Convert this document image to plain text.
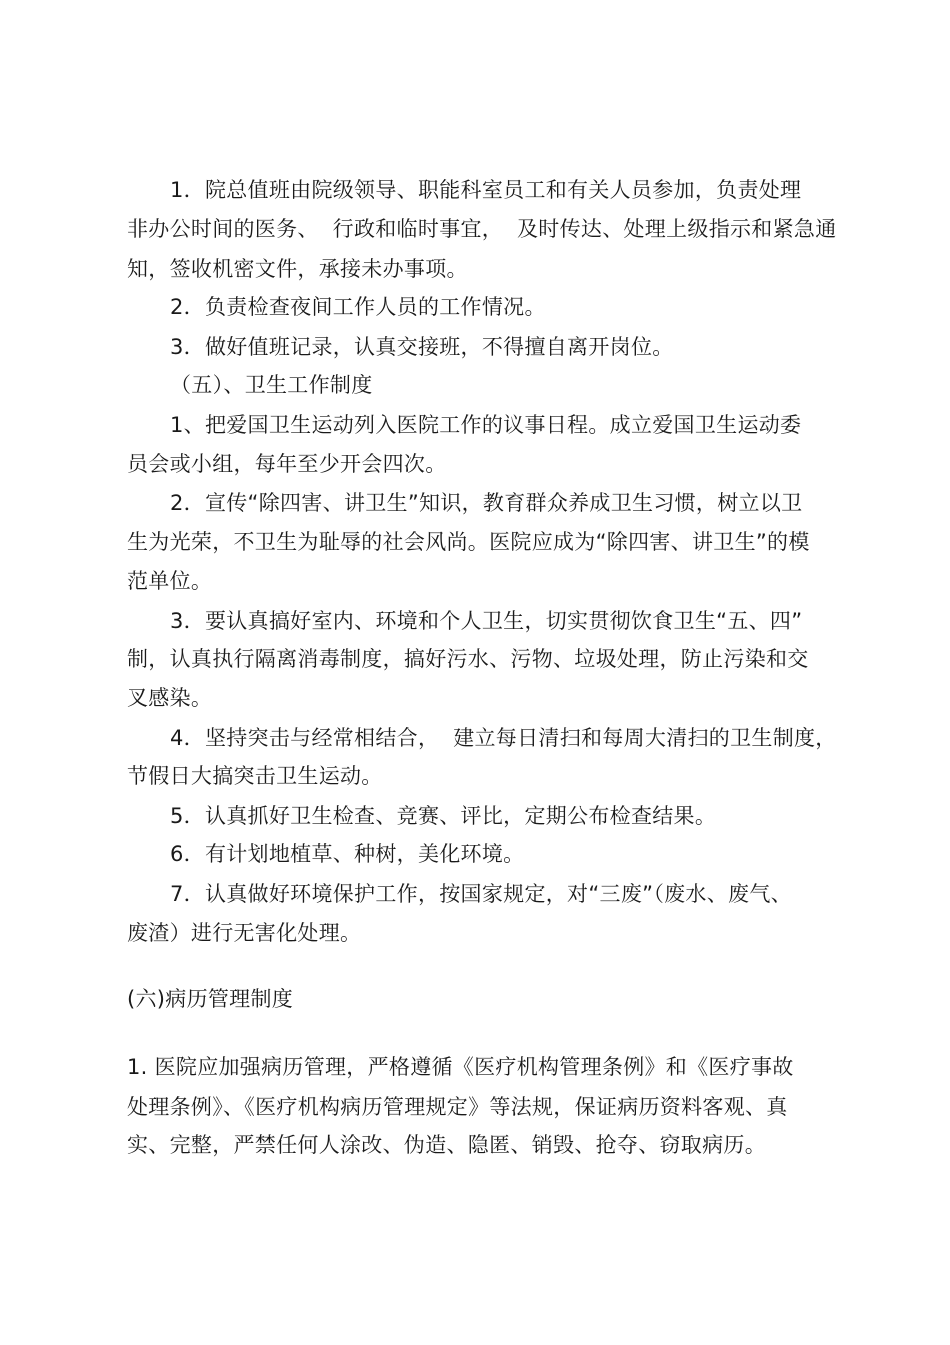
1．院总值班由院级领导、职能科室员工和有关人员参加，负责处理
非办公时间的医务、  行政和临时事宜，  及时传达、处理上级指示和紧急通
知，签收机密文件，承接未办事项。
2．负责检查夜间工作人员的工作情况。
3．做好值班记录，认真交接班，不得擅自离开岗位。
（五）、卫生工作制度
1、把爱国卫生运动列入医院工作的议事日程。成立爱国卫生运动委
员会或小组，每年至少开会四次。
2．宣传“除四害、讲卫生”知识，教育群众养成卫生习惯，树立以卫
生为光荣，不卫生为耻辱的社会风尚。医院应成为“除四害、讲卫生”的模
范单位。
3．要认真搞好室内、环境和个人卫生，切实贯彻饮食卫生“五、四”
制，认真执行隔离消毒制度，搞好污水、污物、垃圾处理，防止污染和交
叉感染。
4．坚持突击与经常相结合，  建立每日清扫和每周大清扫的卫生制度，
节假日大搞突击卫生运动。
5．认真抓好卫生检查、竞赛、评比，定期公布检查结果。
6．有计划地植草、种树，美化环境。
7．认真做好环境保护工作，按国家规定，对“三废”（废水、废气、
废渣）进行无害化处理。
(六)病历管理制度
1. 医院应加强病历管理，严格遵循《医疗机构管理条例》和《医疗事故
处理条例》、《医疗机构病历管理规定》等法规，保证病历资料客观、真
实、完整，严禁任何人涂改、伪造、隐匿、销毁、抢夺、窃取病历。
